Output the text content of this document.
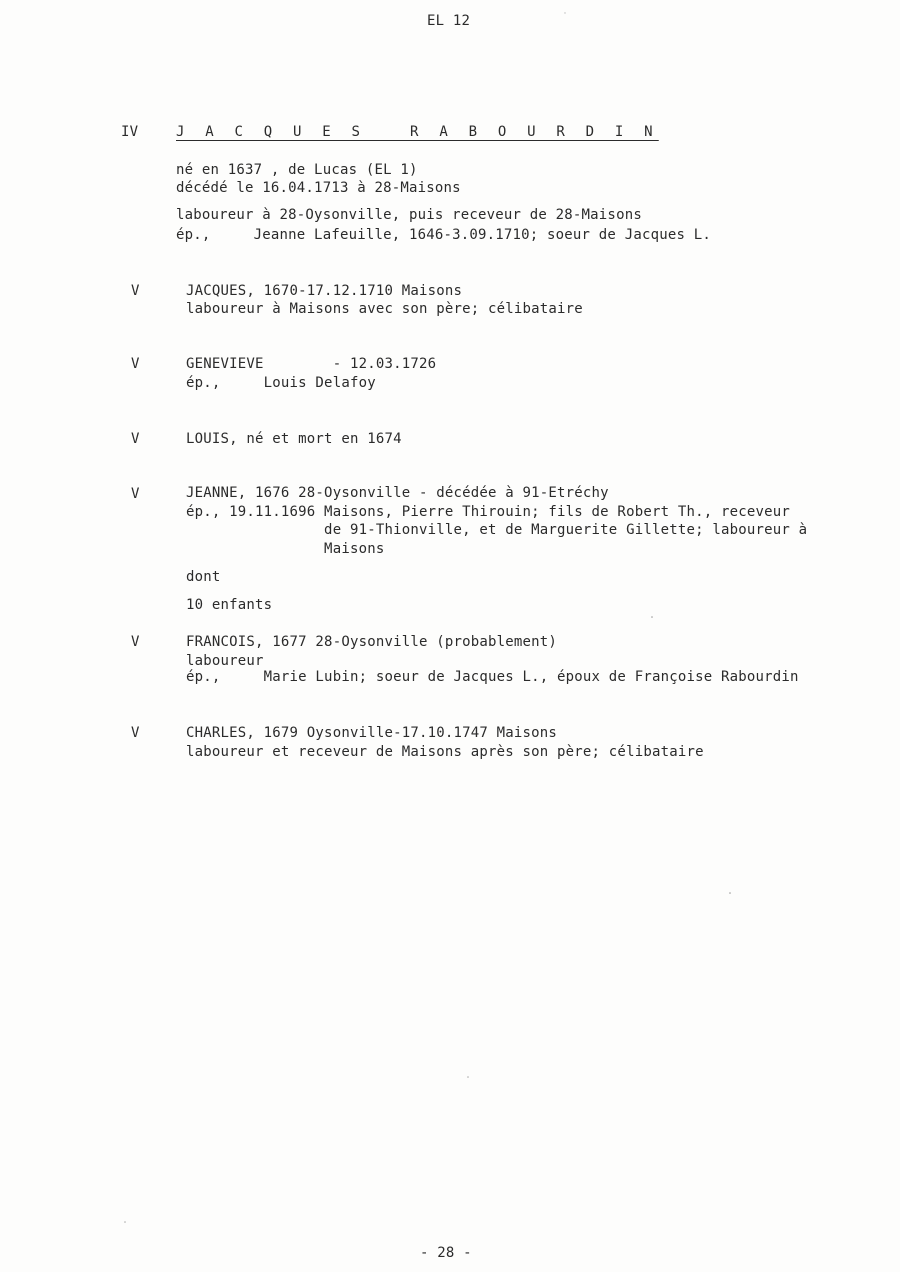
EL 12
IV	J A C Q U E S   R A B O U R D I N
né en 1637 , de Lucas (EL 1)
décédé le 16.04.1713 à 28-Maisons
laboureur à 28-Oysonville, puis receveur de 28-Maisons
ép.,     Jeanne Lafeuille, 1646-3.09.1710; soeur de Jacques L.
V	JACQUES, 1670-17.12.1710 Maisons
laboureur à Maisons avec son père; célibataire
V	GENEVIEVE        - 12.03.1726
ép.,     Louis Delafoy
V	LOUIS, né et mort en 1674
V	JEANNE, 1676 28-Oysonville - décédée à 91-Etréchy
ép., 19.11.1696 Maisons, Pierre Thirouin; fils de Robert Th., receveur
de 91-Thionville, et de Marguerite Gillette; laboureur à
Maisons
dont
10 enfants
V	FRANCOIS, 1677 28-Oysonville (probablement)
laboureur
ép.,     Marie Lubin; soeur de Jacques L., époux de Françoise Rabourdin
V	CHARLES, 1679 Oysonville-17.10.1747 Maisons
laboureur et receveur de Maisons après son père; célibataire
- 28 -
